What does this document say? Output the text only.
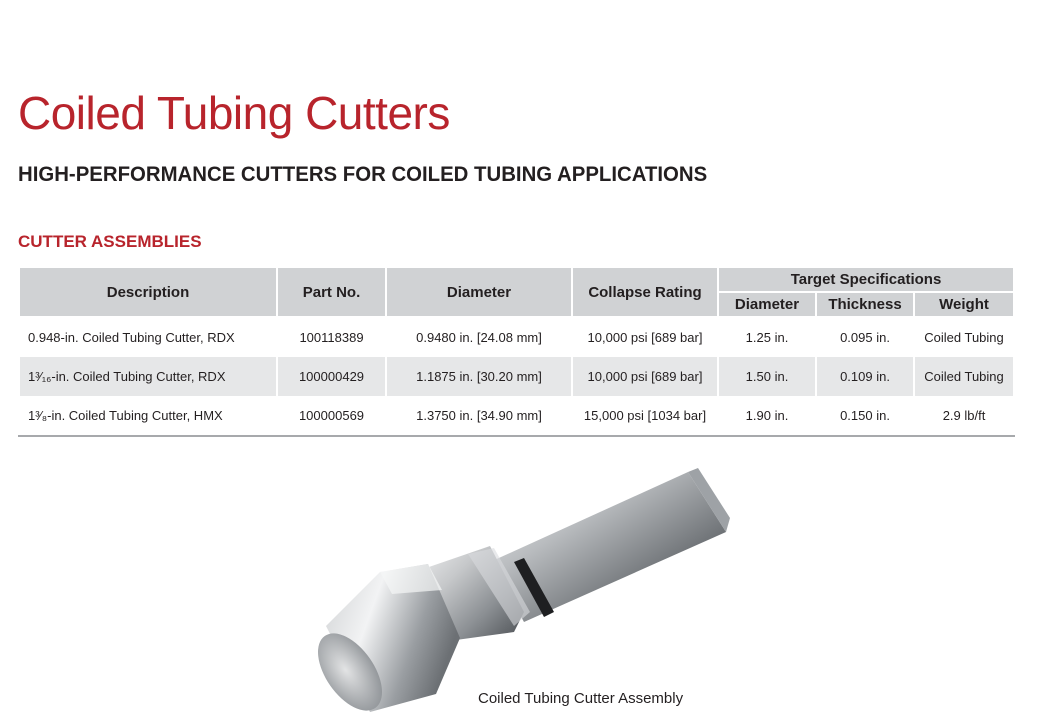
Coiled Tubing Cutters
HIGH-PERFORMANCE CUTTERS FOR COILED TUBING APPLICATIONS
CUTTER ASSEMBLIES
Description	Part No.	Diameter	Collapse Rating	Target Specifications		
				Diameter	Thickness	Weight
0.948-in. Coiled Tubing Cutter, RDX	100118389	0.9480 in. [24.08 mm]	10,000 psi [689 bar]	1.25 in.	0.095 in.	Coiled Tubing
1³⁄₁₆-in. Coiled Tubing Cutter, RDX	100000429	1.1875 in. [30.20 mm]	10,000 psi [689 bar]	1.50 in.	0.109 in.	Coiled Tubing
1³⁄₈-in. Coiled Tubing Cutter, HMX	100000569	1.3750 in. [34.90 mm]	15,000 psi [1034 bar]	1.90 in.	0.150 in.	2.9 lb/ft

Coiled Tubing Cutter Assembly
